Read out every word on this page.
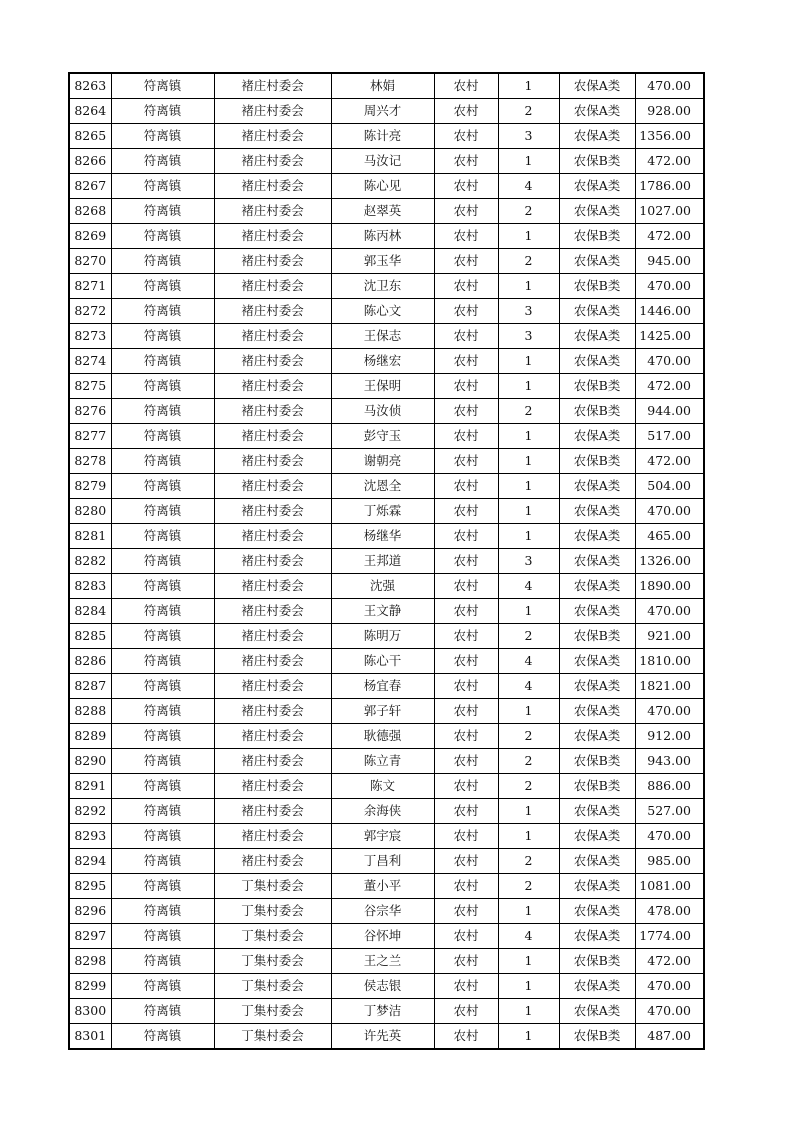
8263	符离镇	褚庄村委会	林娟	农村	1	农保A类	470.00
8264	符离镇	褚庄村委会	周兴才	农村	2	农保A类	928.00
8265	符离镇	褚庄村委会	陈计亮	农村	3	农保A类	1356.00
8266	符离镇	褚庄村委会	马汝记	农村	1	农保B类	472.00
8267	符离镇	褚庄村委会	陈心见	农村	4	农保A类	1786.00
8268	符离镇	褚庄村委会	赵翠英	农村	2	农保A类	1027.00
8269	符离镇	褚庄村委会	陈丙林	农村	1	农保B类	472.00
8270	符离镇	褚庄村委会	郭玉华	农村	2	农保A类	945.00
8271	符离镇	褚庄村委会	沈卫东	农村	1	农保B类	470.00
8272	符离镇	褚庄村委会	陈心文	农村	3	农保A类	1446.00
8273	符离镇	褚庄村委会	王保志	农村	3	农保A类	1425.00
8274	符离镇	褚庄村委会	杨继宏	农村	1	农保A类	470.00
8275	符离镇	褚庄村委会	王保明	农村	1	农保B类	472.00
8276	符离镇	褚庄村委会	马汝侦	农村	2	农保B类	944.00
8277	符离镇	褚庄村委会	彭守玉	农村	1	农保A类	517.00
8278	符离镇	褚庄村委会	谢朝亮	农村	1	农保B类	472.00
8279	符离镇	褚庄村委会	沈恩全	农村	1	农保A类	504.00
8280	符离镇	褚庄村委会	丁烁霖	农村	1	农保A类	470.00
8281	符离镇	褚庄村委会	杨继华	农村	1	农保A类	465.00
8282	符离镇	褚庄村委会	王邦道	农村	3	农保A类	1326.00
8283	符离镇	褚庄村委会	沈强	农村	4	农保A类	1890.00
8284	符离镇	褚庄村委会	王文静	农村	1	农保A类	470.00
8285	符离镇	褚庄村委会	陈明万	农村	2	农保B类	921.00
8286	符离镇	褚庄村委会	陈心干	农村	4	农保A类	1810.00
8287	符离镇	褚庄村委会	杨宜春	农村	4	农保A类	1821.00
8288	符离镇	褚庄村委会	郭子轩	农村	1	农保A类	470.00
8289	符离镇	褚庄村委会	耿德强	农村	2	农保A类	912.00
8290	符离镇	褚庄村委会	陈立青	农村	2	农保B类	943.00
8291	符离镇	褚庄村委会	陈文	农村	2	农保B类	886.00
8292	符离镇	褚庄村委会	余海侠	农村	1	农保A类	527.00
8293	符离镇	褚庄村委会	郭宇宸	农村	1	农保A类	470.00
8294	符离镇	褚庄村委会	丁昌利	农村	2	农保A类	985.00
8295	符离镇	丁集村委会	董小平	农村	2	农保A类	1081.00
8296	符离镇	丁集村委会	谷宗华	农村	1	农保A类	478.00
8297	符离镇	丁集村委会	谷怀坤	农村	4	农保A类	1774.00
8298	符离镇	丁集村委会	王之兰	农村	1	农保B类	472.00
8299	符离镇	丁集村委会	侯志银	农村	1	农保A类	470.00
8300	符离镇	丁集村委会	丁梦洁	农村	1	农保A类	470.00
8301	符离镇	丁集村委会	许先英	农村	1	农保B类	487.00
